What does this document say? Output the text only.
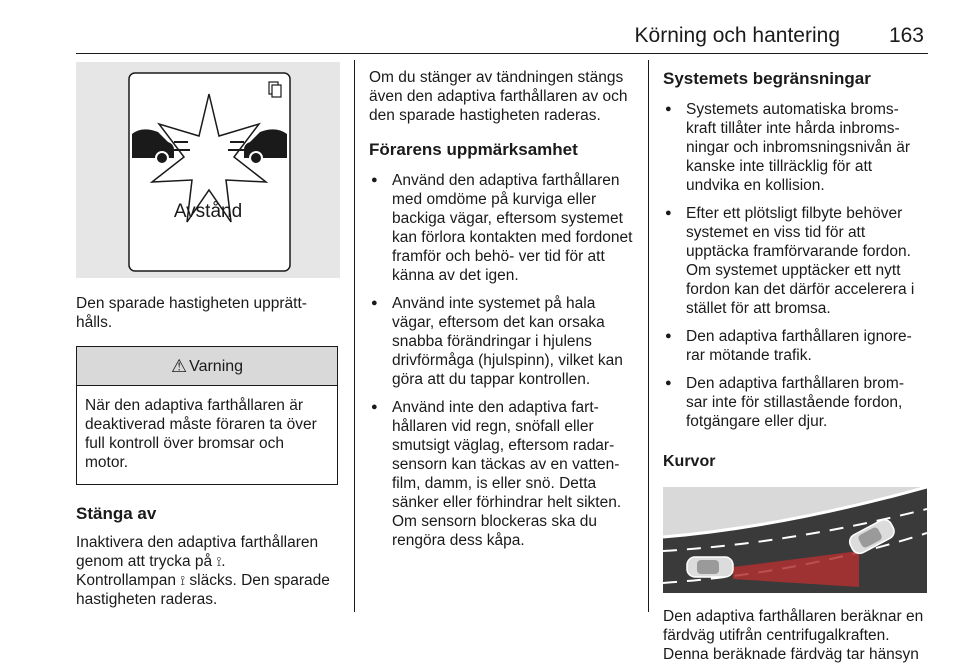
Körning och hantering 163
Avstånd

Den sparade hastigheten upprätt- hålls.

⚠ Varning
När den adaptiva farthållaren är deaktiverad måste föraren ta över full kontroll över bromsar och motor.
Stänga av

Inaktivera den adaptiva farthållaren genom att trycka på ⟟.
Kontrollampan ⟟ släcks. Den sparade hastigheten raderas.

Om du stänger av tändningen stängs även den adaptiva farthållaren av och den sparade hastigheten raderas.

Förarens uppmärksamhet
● Använd den adaptiva farthållaren med omdöme på kurviga eller backiga vägar, eftersom systemet kan förlora kontakten med fordonet framför och behö- ver tid för att känna av det igen.
● Använd inte systemet på hala vägar, eftersom det kan orsaka snabba förändringar i hjulens drivförmåga (hjulspinn), vilket kan göra att du tappar kontrollen.
● Använd inte den adaptiva fart- hållaren vid regn, snöfall eller smutsigt väglag, eftersom radar- sensorn kan täckas av en vatten- film, damm, is eller snö. Detta sänker eller förhindrar helt sikten. Om sensorn blockeras ska du rengöra dess kåpa.
Systemets begränsningar
● Systemets automatiska broms- kraft tillåter inte hårda inbroms- ningar och inbromsningsnivån är kanske inte tillräcklig för att undvika en kollision.
● Efter ett plötsligt filbyte behöver systemet en viss tid för att upptäcka framförvarande fordon. Om systemet upptäcker ett nytt fordon kan det därför accelerera i stället för att bromsa.
● Den adaptiva farthållaren ignore- rar mötande trafik.
● Den adaptiva farthållaren brom- sar inte för stillastående fordon, fotgängare eller djur.
Kurvor

Den adaptiva farthållaren beräknar en färdväg utifrån centrifugalkraften. Denna beräknade färdväg tar hänsyn
